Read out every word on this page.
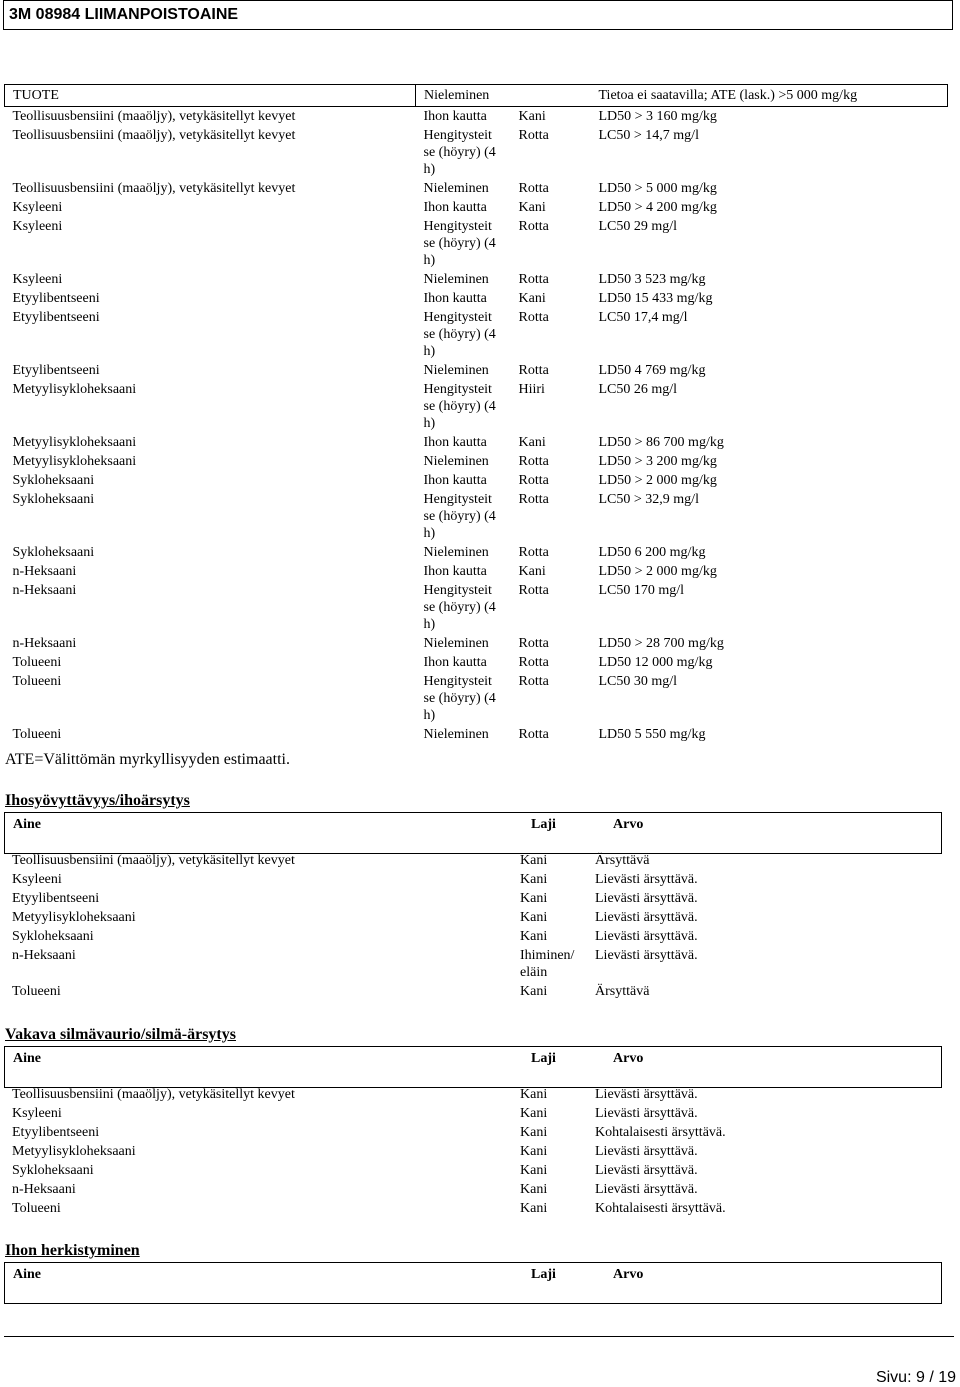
3M 08984 LIIMANPOISTOAINE
TUOTE	Nieleminen		Tietoa ei saatavilla; ATE (lask.) >5 000 mg/kg
Teollisuusbensiini (maaöljy), vetykäsitellyt kevyet	Ihon kautta	Kani	LD50 > 3 160 mg/kg
Teollisuusbensiini (maaöljy), vetykäsitellyt kevyet	Hengitysteit se (höyry) (4 h)	Rotta	LC50 > 14,7 mg/l
Teollisuusbensiini (maaöljy), vetykäsitellyt kevyet	Nieleminen	Rotta	LD50 > 5 000 mg/kg
Ksyleeni	Ihon kautta	Kani	LD50 > 4 200 mg/kg
Ksyleeni	Hengitysteit se (höyry) (4 h)	Rotta	LC50 29 mg/l
Ksyleeni	Nieleminen	Rotta	LD50 3 523 mg/kg
Etyylibentseeni	Ihon kautta	Kani	LD50 15 433 mg/kg
Etyylibentseeni	Hengitysteit se (höyry) (4 h)	Rotta	LC50 17,4 mg/l
Etyylibentseeni	Nieleminen	Rotta	LD50 4 769 mg/kg
Metyylisykloheksaani	Hengitysteit se (höyry) (4 h)	Hiiri	LC50 26 mg/l
Metyylisykloheksaani	Ihon kautta	Kani	LD50 > 86 700 mg/kg
Metyylisykloheksaani	Nieleminen	Rotta	LD50 > 3 200 mg/kg
Sykloheksaani	Ihon kautta	Rotta	LD50 > 2 000 mg/kg
Sykloheksaani	Hengitysteit se (höyry) (4 h)	Rotta	LC50 > 32,9 mg/l
Sykloheksaani	Nieleminen	Rotta	LD50 6 200 mg/kg
n-Heksaani	Ihon kautta	Kani	LD50 > 2 000 mg/kg
n-Heksaani	Hengitysteit se (höyry) (4 h)	Rotta	LC50 170 mg/l
n-Heksaani	Nieleminen	Rotta	LD50 > 28 700 mg/kg
Tolueeni	Ihon kautta	Rotta	LD50 12 000 mg/kg
Tolueeni	Hengitysteit se (höyry) (4 h)	Rotta	LC50 30 mg/l
Tolueeni	Nieleminen	Rotta	LD50 5 550 mg/kg
ATE=Välittömän myrkyllisyyden estimaatti.
Ihosyövyttävyys/ihoärsytys
Aine	Laji	Arvo
Teollisuusbensiini (maaöljy), vetykäsitellyt kevyet	Kani	Ärsyttävä
Ksyleeni	Kani	Lievästi ärsyttävä.
Etyylibentseeni	Kani	Lievästi ärsyttävä.
Metyylisykloheksaani	Kani	Lievästi ärsyttävä.
Sykloheksaani	Kani	Lievästi ärsyttävä.
n-Heksaani	Ihiminen/ eläin	Lievästi ärsyttävä.
Tolueeni	Kani	Ärsyttävä
Vakava silmävaurio/silmä-ärsytys
Aine	Laji	Arvo
Teollisuusbensiini (maaöljy), vetykäsitellyt kevyet	Kani	Lievästi ärsyttävä.
Ksyleeni	Kani	Lievästi ärsyttävä.
Etyylibentseeni	Kani	Kohtalaisesti ärsyttävä.
Metyylisykloheksaani	Kani	Lievästi ärsyttävä.
Sykloheksaani	Kani	Lievästi ärsyttävä.
n-Heksaani	Kani	Lievästi ärsyttävä.
Tolueeni	Kani	Kohtalaisesti ärsyttävä.
Ihon herkistyminen
Aine	Laji	Arvo
Sivu: 9 / 19
